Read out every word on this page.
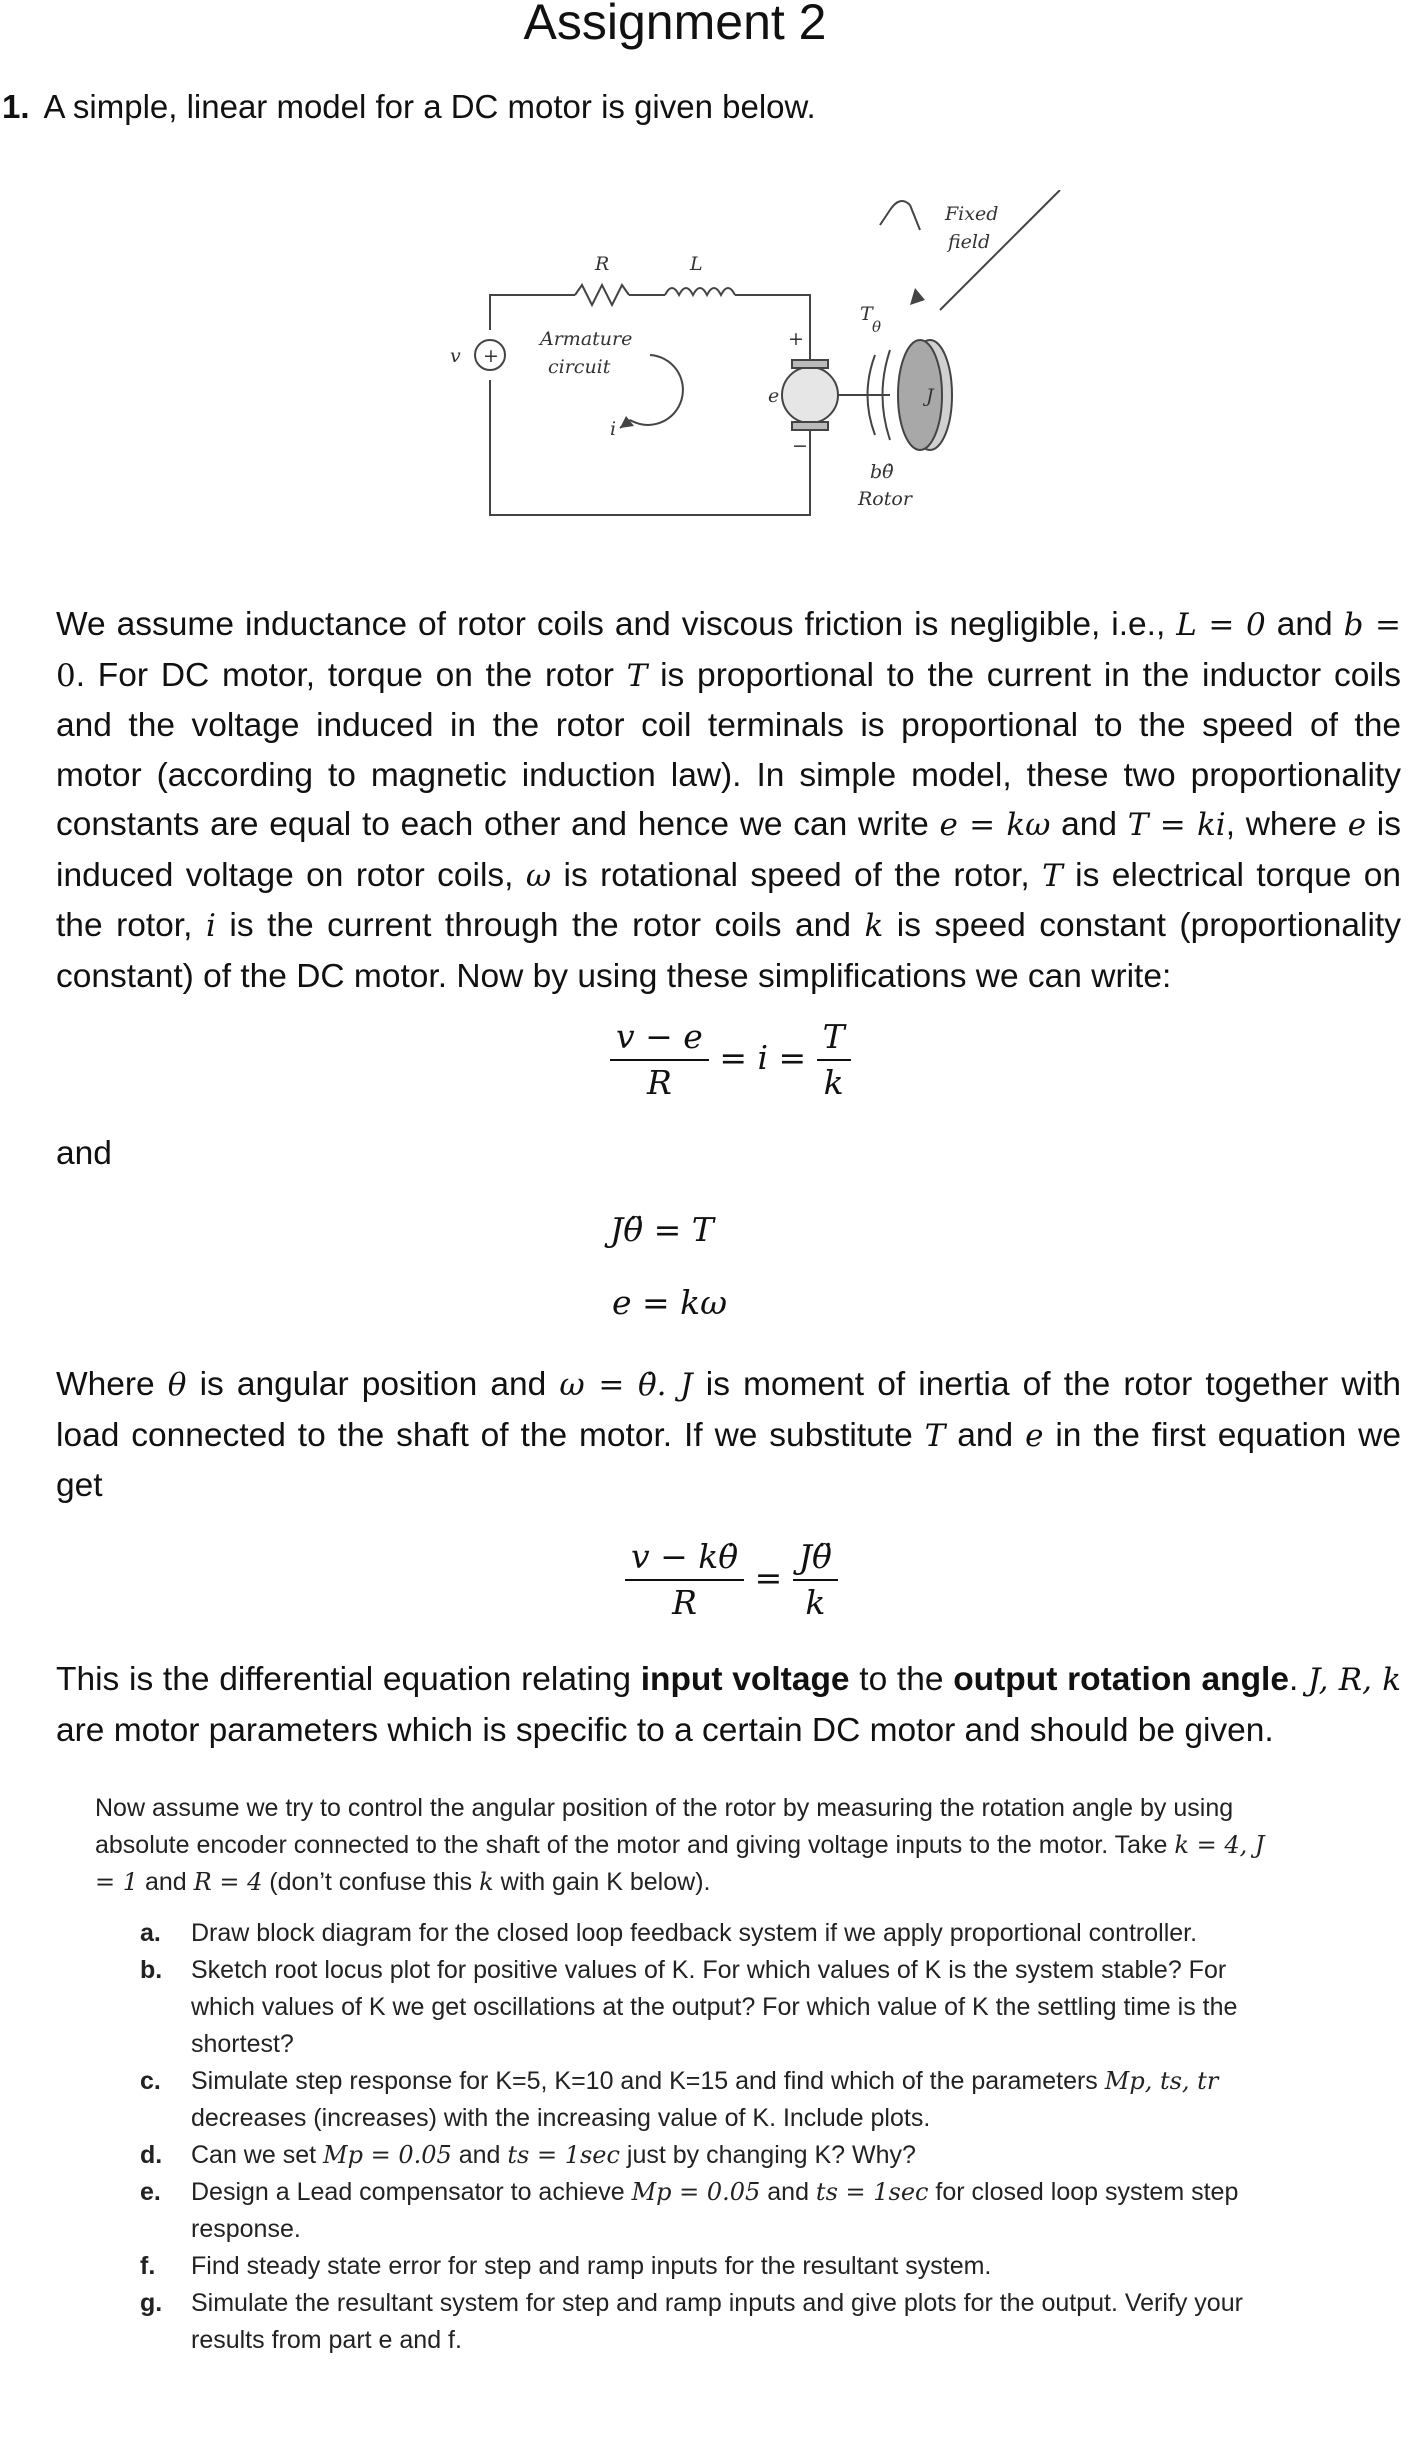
Assignment 2
1. A simple, linear model for a DC motor is given below.
R	L
v +
Armature
circuit
i
e
+
−
T
θ
J
Fixed
field
bθ̇
Rotor
We assume inductance of rotor coils and viscous friction is negligible, i.e., L = 0 and b =
0. For DC motor, torque on the rotor T is proportional to the current in the inductor coils
and the voltage induced in the rotor coil terminals is proportional to the speed of the
motor (according to magnetic induction law). In simple model, these two proportionality
constants are equal to each other and hence we can write e = kω and T = ki, where e is
induced voltage on rotor coils, ω is rotational speed of the rotor, T is electrical torque on
the rotor, i is the current through the rotor coils and k is speed constant (proportionality
constant) of the DC motor. Now by using these simplifications we can write:
$\frac{v - e}{R} = i = \frac{T}{k}$
and
Jθ̈ = T
e = kω
Where θ is angular position and ω = θ̇. J is moment of inertia of the rotor together with
load connected to the shaft of the motor. If we substitute T and e in the first equation we
get
$\frac{v - k\thetȧ}{R} = \frac{J\thetä}{k}$
This is the differential equation relating input voltage to the output rotation angle. J, R, k
are motor parameters which is specific to a certain DC motor and should be given.

Now assume we try to control the angular position of the rotor by measuring the rotation angle by using absolute encoder connected to the shaft of the motor and giving voltage inputs to the motor. Take k = 4, J = 1 and R = 4 (don’t confuse this k with gain K below).

a. Draw block diagram for the closed loop feedback system if we apply proportional controller.
b. Sketch root locus plot for positive values of K. For which values of K is the system stable? For which values of K we get oscillations at the output? For which value of K the settling time is the shortest?
c. Simulate step response for K=5, K=10 and K=15 and find which of the parameters Mp, ts, tr decreases (increases) with the increasing value of K. Include plots.
d. Can we set Mp = 0.05 and ts = 1sec just by changing K? Why?
e. Design a Lead compensator to achieve Mp = 0.05 and ts = 1sec for closed loop system step response.
f. Find steady state error for step and ramp inputs for the resultant system.
g. Simulate the resultant system for step and ramp inputs and give plots for the output. Verify your results from part e and f.
